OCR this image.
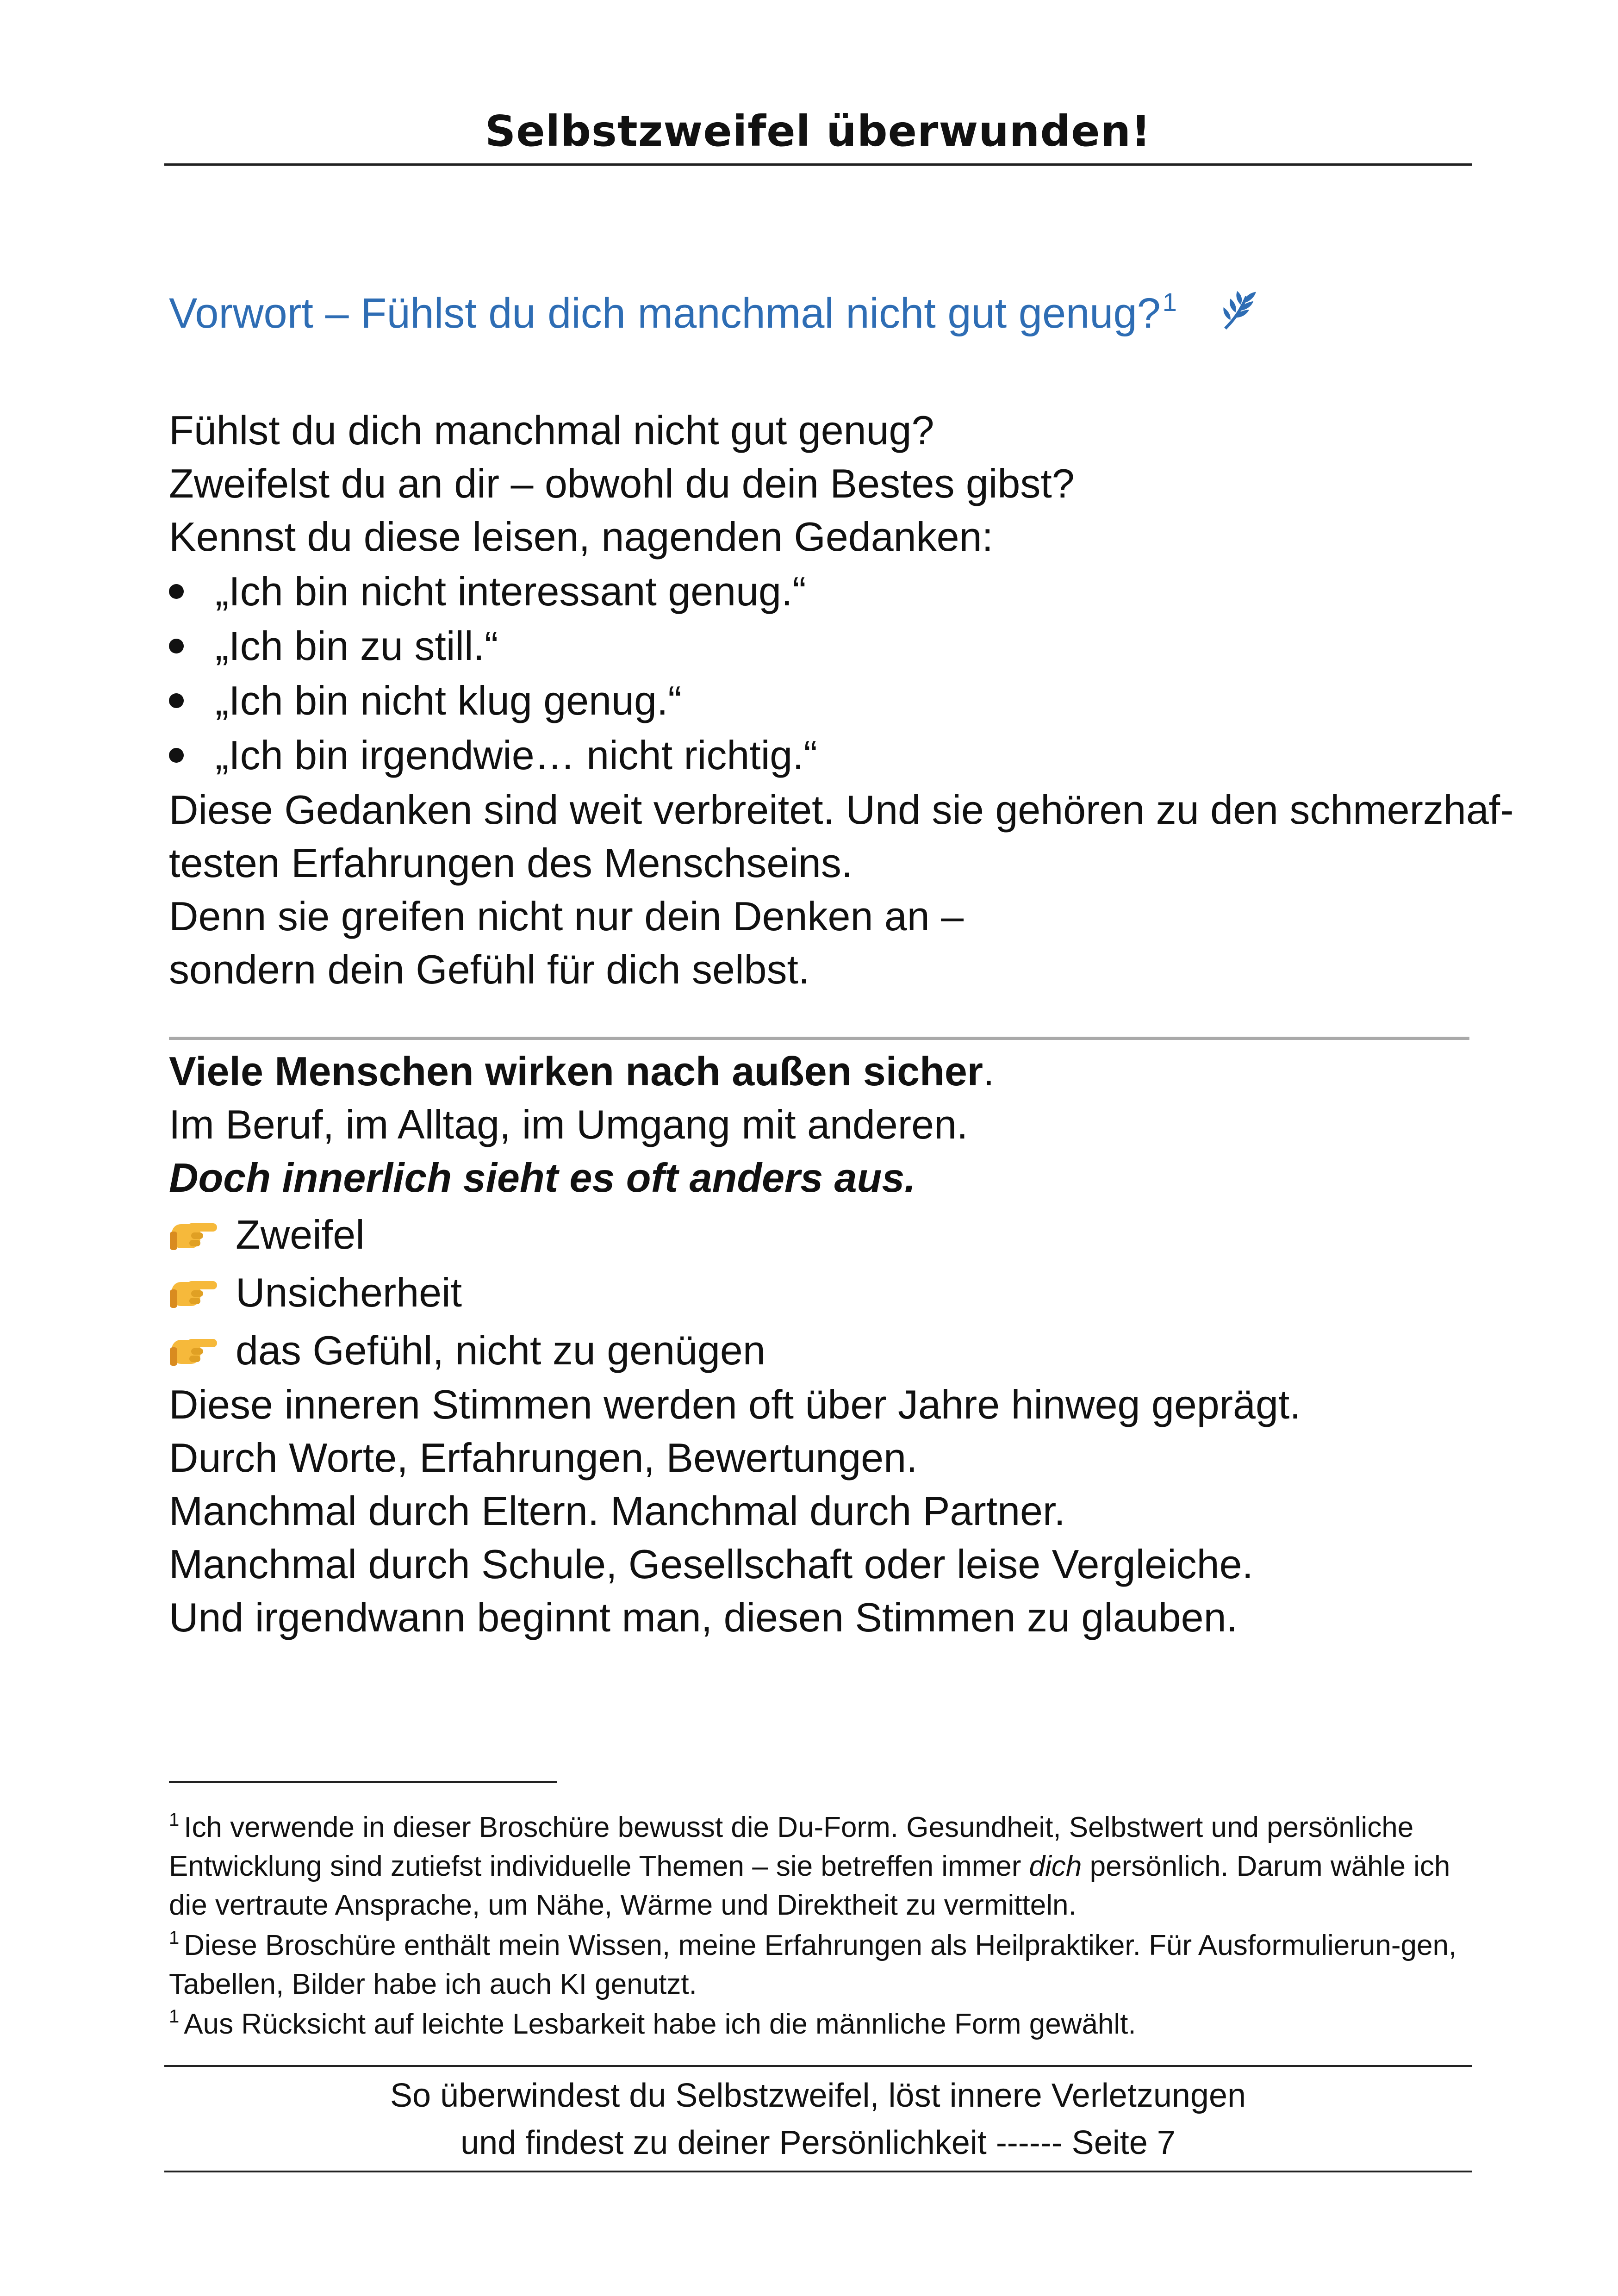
Selbstzweifel überwunden!
Vorwort – Fühlst du dich manchmal nicht gut genug?$^1$
Fühlst du dich manchmal nicht gut genug?
Zweifelst du an dir – obwohl du dein Bestes gibst?
Kennst du diese leisen, nagenden Gedanken:
„Ich bin nicht interessant genug.“
„Ich bin zu still.“
„Ich bin nicht klug genug.“
„Ich bin irgendwie… nicht richtig.“
Diese Gedanken sind weit verbreitet. Und sie gehören zu den schmerzhaf-
testen Erfahrungen des Menschseins.
Denn sie greifen nicht nur dein Denken an –
sondern dein Gefühl für dich selbst.
Viele Menschen wirken nach außen sicher.
Im Beruf, im Alltag, im Umgang mit anderen.
Doch innerlich sieht es oft anders aus.
Zweifel
Unsicherheit
das Gefühl, nicht zu genügen
Diese inneren Stimmen werden oft über Jahre hinweg geprägt.
Durch Worte, Erfahrungen, Bewertungen.
Manchmal durch Eltern. Manchmal durch Partner.
Manchmal durch Schule, Gesellschaft oder leise Vergleiche.
Und irgendwann beginnt man, diesen Stimmen zu glauben.
$^1$ Ich verwende in dieser Broschüre bewusst die Du-Form. Gesundheit, Selbstwert und persönliche Entwicklung sind zutiefst individuelle Themen – sie betreffen immer dich persönlich. Darum wähle ich die vertraute Ansprache, um Nähe, Wärme und Direktheit zu vermitteln.
$^1$ Diese Broschüre enthält mein Wissen, meine Erfahrungen als Heilpraktiker. Für Ausformulierun-gen, Tabellen, Bilder habe ich auch KI genutzt.
$^1$ Aus Rücksicht auf leichte Lesbarkeit habe ich die männliche Form gewählt.
So überwindest du Selbstzweifel, löst innere Verletzungen
und findest zu deiner Persönlichkeit ------ Seite 7
